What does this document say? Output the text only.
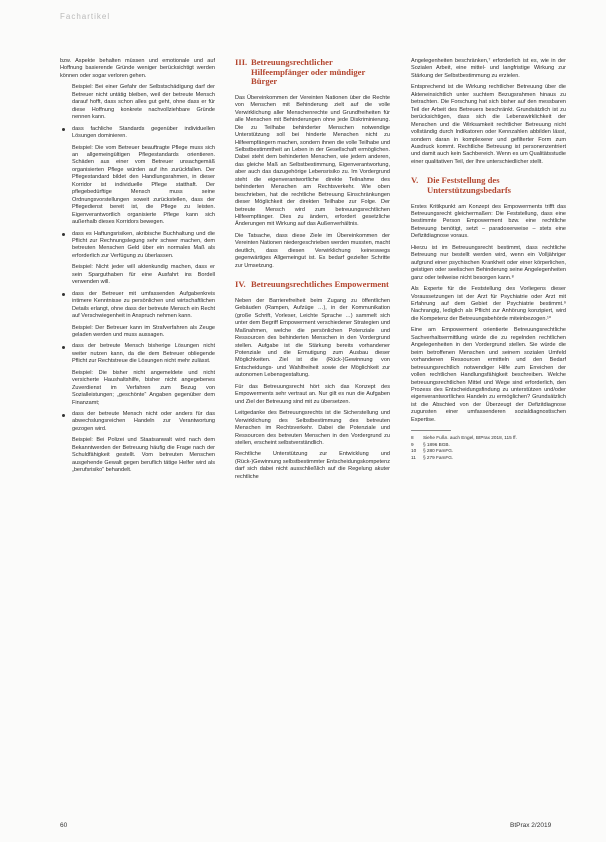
Fachartikel

bzw. Aspekte behalten müssen und emotionale und auf Hoffnung basierende Gründe weniger berücksichtigt werden können oder sogar verloren gehen.

Beispiel: Bei einer Gefahr der Selbstschädigung darf der Betreuer nicht untätig bleiben, weil der betreute Mensch darauf hofft, dass schon alles gut geht, ohne dass er für diese Hoffnung konkrete nachvollziehbare Gründe nennen kann.

dass fachliche Standards gegenüber individuellen Lösungen dominieren.

Beispiel: Die vom Betreuer beauftragte Pflege muss sich an allgemeingültigen Pflegestandards orientieren. Schäden aus einer vom Betreuer unsachgemäß organisierten Pflege würden auf ihn zurückfallen. Der Pflegestandard bildet den Handlungsrahmen, in dieser Korridor ist individuelle Pflege statthaft. Der pflegebedürftige Mensch muss seine Ordnungsvorstellungen soweit zurückstellen, dass der Pflegedienst bereit ist, die Pflege zu leisten. Eigenverantwortlich organisierte Pflege kann sich außerhalb dieses Korridors bewegen.

dass es Haftungsrisiken, akribische Buchhaltung und die Pflicht zur Rechnungslegung sehr schwer machen, dem betreuten Menschen Geld über ein normales Maß als erforderlich zur Verfügung zu überlassen.

Beispiel: Nicht jeder will aktenkundig machen, dass er sein Sparguthaben für eine Ausfahrt ins Bordell verwenden will.

dass der Betreuer mit umfassenden Aufgabenkreis intimere Kenntnisse zu persönlichen und wirtschaftlichen Details erlangt, ohne dass der betreute Mensch ein Recht auf Verschwiegenheit in Anspruch nehmen kann.

Beispiel: Der Betreuer kann im Strafverfahren als Zeuge geladen werden und muss aussagen.

dass der betreute Mensch bisherige Lösungen nicht weiter nutzen kann, da die dem Betreuer obliegende Pflicht zur Rechtstreue die Lösungen nicht mehr zulässt.

Beispiel: Die bisher nicht angemeldete und nicht versicherte Haushaltshilfe, bisher nicht angegebenes Zuverdienst im Verfahren zum Bezug von Sozialleistungen; „geschönte“ Angaben gegenüber dem Finanzamt;

dass der betreute Mensch nicht oder anders für das abwechslungsreichen Handeln zur Verantwortung gezogen wird.

Beispiel: Bei Polizei und Staatsanwalt wird nach dem Bekanntwerden der Betreuung häufig die Frage nach der Schuldfähigkeit gestellt. Vom betreuten Menschen ausgehende Gewalt gegen beruflich tätige Helfer wird als „berufsrisiko“ behandelt.

III. Betreuungsrechtlicher Hilfeempfänger oder mündiger Bürger

Das Übereinkommen der Vereinten Nationen über die Rechte von Menschen mit Behinderung zielt auf die volle Verwirklichung aller Menschenrechte und Grundfreiheiten für alle Menschen mit Behinderungen ohne jede Diskriminierung. Die zu Teilhabe behinderter Menschen notwendige Unterstützung soll bei hinderte Menschen nicht zu Hilfeempfängern machen, sondern ihnen die volle Teilhabe und Selbstbestimmtheit an Leben in der Gesellschaft ermöglichen. Dabei steht dem behinderten Menschen, wie jedem anderen, das gleiche Maß an Selbstbestimmung, Eigenverantwortung, aber auch das dazugehörige Lebensrisiko zu. Im Vordergrund steht die eigenverantwortliche direkte Teilnahme des behinderten Menschen am Rechtsverkehr. Wie oben beschrieben, hat die rechtliche Betreuung Einschränkungen dieser Möglichkeit der direkten Teilhabe zur Folge. Der betreute Mensch wird zum betreuungsrechtlichen Hilfeempfänger. Dies zu ändern, erfordert gesetzliche Änderungen mit Wirkung auf das Außenverhältnis.

Die Tatsache, dass diese Ziele im Übereinkommen der Vereinten Nationen niedergeschrieben werden mussten, macht deutlich, dass diesen Verwirklichung keineswegs gegenwärtiges Allgemeingut ist. Es bedarf gezielter Schritte zur Umsetzung.

IV. Betreuungsrechtliches Empowerment

Neben der Barrierefreiheit beim Zugang zu öffentlichen Gebäuden (Rampen, Aufzüge …), in der Kommunikation (große Schrift, Vorleser, Leichte Sprache …) sammelt sich unter dem Begriff Empowerment verschiedener Strategien und Maßnahmen, welche die persönlichen Potenziale und Ressourcen des behinderten Menschen in den Vordergrund stellen. Aufgabe ist die Stärkung bereits vorhandener Potenziale und die Ermutigung zum Ausbau dieser Möglichkeiten. Ziel ist die (Rück-)Gewinnung von Entscheidungs- und Wahlfreiheit sowie der Möglichkeit zur autonomen Lebensgestaltung.

Für das Betreuungsrecht hört sich das Konzept des Empowerments sehr vertraut an. Nur gilt es nun die Aufgaben und Ziel der Betreuung sind mit zu übersetzen.

Leitgedanke des Betreuungsrechts ist die Sicherstellung und Verwirklichung des Selbstbestimmung des betreuten Menschen im Rechtsverkehr. Dabei die Potenziale und Ressourcen des betreuten Menschen in den Vordergrund zu stellen, erscheint selbstverständlich.

Rechtliche Unterstützung zur Entwicklung und (Rück-)Gewinnung selbstbestimmter Entscheidungskompetenz darf sich dabei nicht ausschließlich auf die Regelung akuter rechtliche

Angelegenheiten beschränken,⁷ erforderlich ist es, wie in der Sozialen Arbeit, eine mittel- und langfristige Wirkung zur Stärkung der Selbstbestimmung zu erzielen.

Entsprechend ist die Wirkung rechtlicher Betreuung über die Akteneinsichtlich unter suchtem Bezugsrahmen hinaus zu betrachten. Die Forschung hat sich bisher auf den messbaren Teil der Arbeit des Betreuers beschränkt. Grundsätzlich ist zu berücksichtigen, dass sich die Lebenswirklichkeit der Menschen und die Wirksamkeit rechtlicher Betreuung nicht vollständig durch Indikatoren oder Kennzahlen abbilden lässt, sondern daran in komplexerer und gefilterter Form zum Ausdruck kommt. Rechtliche Betreuung ist personenzentriert und damit auch kein Sachbereich. Wenn es um Qualitätsstudie einer qualitativen Teil, der Ihre unterschiedlicher stellt.

V.	Die Feststellung des Unterstützungsbedarfs

Erstes Kritikpunkt am Konzept des Empowerments trifft das Betreuungsrecht gleichermaßen: Die Feststellung, dass eine bestimmte Person Empowerment bzw. eine rechtliche Betreuung benötigt, setzt – paradoxerweise – stets eine Defizitdiagnose voraus.

Hierzu ist im Betreuungsrecht bestimmt, dass rechtliche Betreuung nur bestellt werden wird, wenn ein Volljähriger aufgrund einer psychischen Krankheit oder einer körperlichen, geistigen oder seelischen Behinderung seine Angelegenheiten ganz oder teilweise nicht besorgen kann.⁸

Als Experte für die Feststellung des Vorliegens dieser Voraussetzungen ist der Arzt für Psychiatrie oder Arzt mit Erfahrung auf dem Gebiet der Psychiatrie bestimmt.⁹ Nachrangig, lediglich als Pflicht zur Anhörung konzipiert, wird die Kompetenz der Betreuungsbehörde miteinbezogen.¹⁰

Eine am Empowerment orientierte Betreuungsrechtliche Sachverhaltsermittlung würde die zu regelnden rechtlichen Angelegenheiten in den Vordergrund stellen. Sie würde die beim betroffenen Menschen und seinem sozialen Umfeld vorhandenen Ressourcen ermitteln und den Bedarf betreuungsrechtlich notwendiger Hilfe zum Erreichen der vollen rechtlichen Handlungsfähigkeit beschreiben. Welche betreuungsrechtlichen Mittel und Wege sind erforderlich, den Prozess des Entscheidungsfindung zu unterstützen und/oder eigenverantwortliches Handeln zu ermöglichen? Grundsätzlich ist die Abschied von der Überzeugt der Defizitdiagnose zugunsten einer umfassenderen sozialdiagnostischen Expertise.

8	Siehe Fußn. auch Engel, BtPrax 2018, 115 ff.
9	§ 1896 BGB.
10	§ 280 FamFG.
11	§ 279 FamFG.
60	BtPrax 2/2019
